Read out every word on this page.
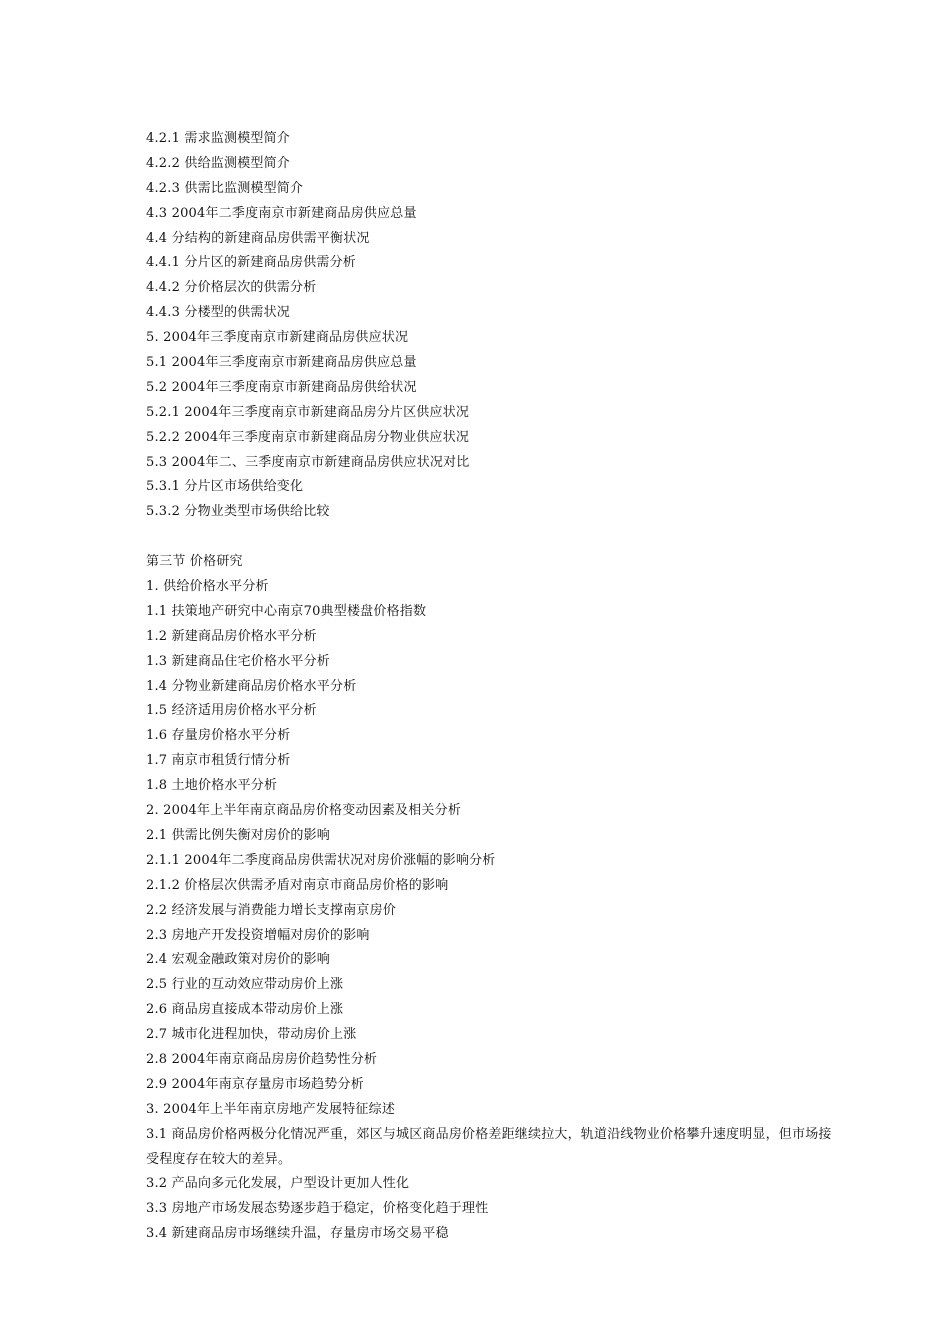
4.2.1 需求监测模型简介
4.2.2 供给监测模型简介
4.2.3 供需比监测模型简介
4.3 2004年二季度南京市新建商品房供应总量
4.4 分结构的新建商品房供需平衡状况
4.4.1 分片区的新建商品房供需分析
4.4.2 分价格层次的供需分析
4.4.3 分楼型的供需状况
5. 2004年三季度南京市新建商品房供应状况
5.1 2004年三季度南京市新建商品房供应总量
5.2 2004年三季度南京市新建商品房供给状况
5.2.1 2004年三季度南京市新建商品房分片区供应状况
5.2.2 2004年三季度南京市新建商品房分物业供应状况
5.3 2004年二、三季度南京市新建商品房供应状况对比
5.3.1 分片区市场供给变化
5.3.2 分物业类型市场供给比较
第三节 价格研究
1. 供给价格水平分析
1.1 扶策地产研究中心南京70典型楼盘价格指数
1.2 新建商品房价格水平分析
1.3 新建商品住宅价格水平分析
1.4 分物业新建商品房价格水平分析
1.5 经济适用房价格水平分析
1.6 存量房价格水平分析
1.7 南京市租赁行情分析
1.8 土地价格水平分析
2. 2004年上半年南京商品房价格变动因素及相关分析
2.1 供需比例失衡对房价的影响
2.1.1 2004年二季度商品房供需状况对房价涨幅的影响分析
2.1.2 价格层次供需矛盾对南京市商品房价格的影响
2.2 经济发展与消费能力增长支撑南京房价
2.3 房地产开发投资增幅对房价的影响
2.4 宏观金融政策对房价的影响
2.5 行业的互动效应带动房价上涨
2.6 商品房直接成本带动房价上涨
2.7 城市化进程加快，带动房价上涨
2.8 2004年南京商品房房价趋势性分析
2.9 2004年南京存量房市场趋势分析
3. 2004年上半年南京房地产发展特征综述
3.1 商品房价格两极分化情况严重，郊区与城区商品房价格差距继续拉大，轨道沿线物业价格攀升速度明显，但市场接受程度存在较大的差异。
3.2 产品向多元化发展，户型设计更加人性化
3.3 房地产市场发展态势逐步趋于稳定，价格变化趋于理性
3.4 新建商品房市场继续升温，存量房市场交易平稳
